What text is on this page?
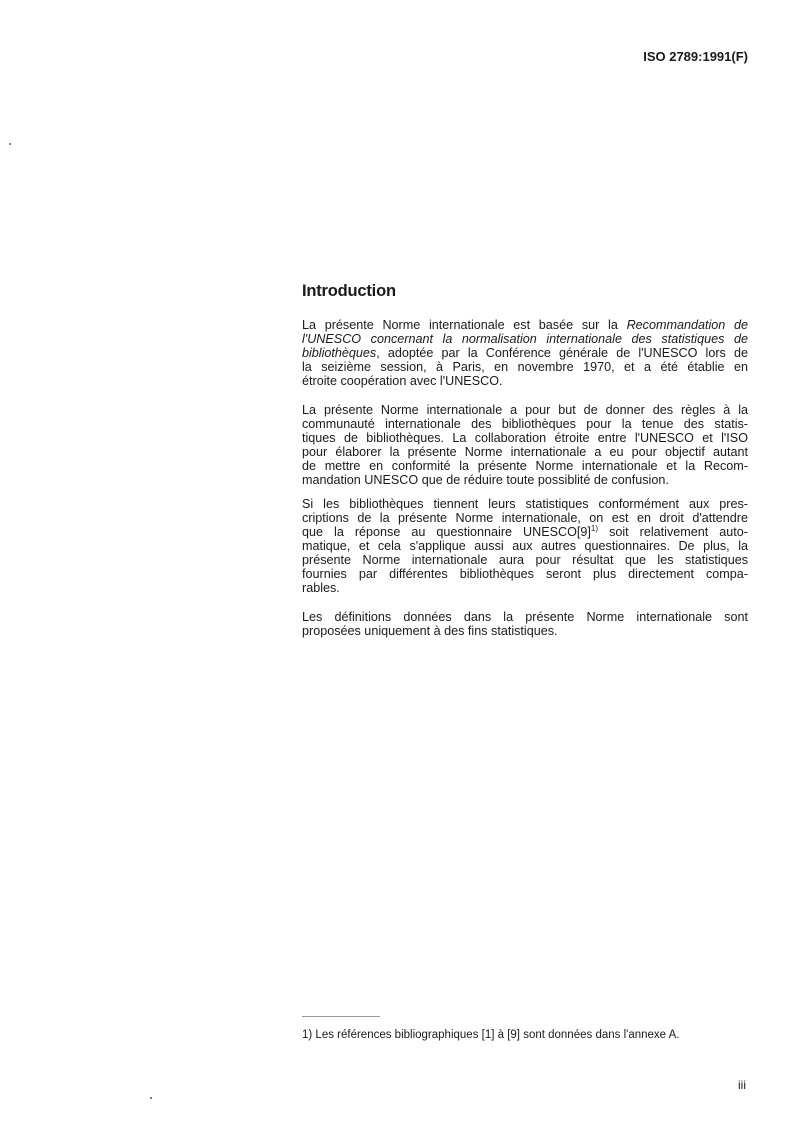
ISO 2789:1991(F)
Introduction
La présente Norme internationale est basée sur la Recommandation de
l'UNESCO concernant la normalisation internationale des statistiques de
bibliothèques, adoptée par la Conférence générale de l'UNESCO lors de
la seizième session, à Paris, en novembre 1970, et a été établie en
étroite coopération avec l'UNESCO.
La présente Norme internationale a pour but de donner des règles à la
communauté internationale des bibliothèques pour la tenue des statis-
tiques de bibliothèques. La collaboration étroite entre l'UNESCO et l'ISO
pour élaborer la présente Norme internationale a eu pour objectif autant
de mettre en conformité la présente Norme internationale et la Recom-
mandation UNESCO que de réduire toute possiblité de confusion.
Si les bibliothèques tiennent leurs statistiques conformément aux pres-
criptions de la présente Norme internationale, on est en droit d'attendre
que la réponse au questionnaire $UNESCO[9]^{1)}$ soit relativement auto-
matique, et cela s'applique aussi aux autres questionnaires. De plus, la
présente Norme internationale aura pour résultat que les statistiques
fournies par différentes bibliothèques seront plus directement compa-
rables.
Les définitions données dans la présente Norme internationale sont
proposées uniquement à des fins statistiques.
1) Les références bibliographiques [1] à [9] sont données dans l'annexe A.
iii
